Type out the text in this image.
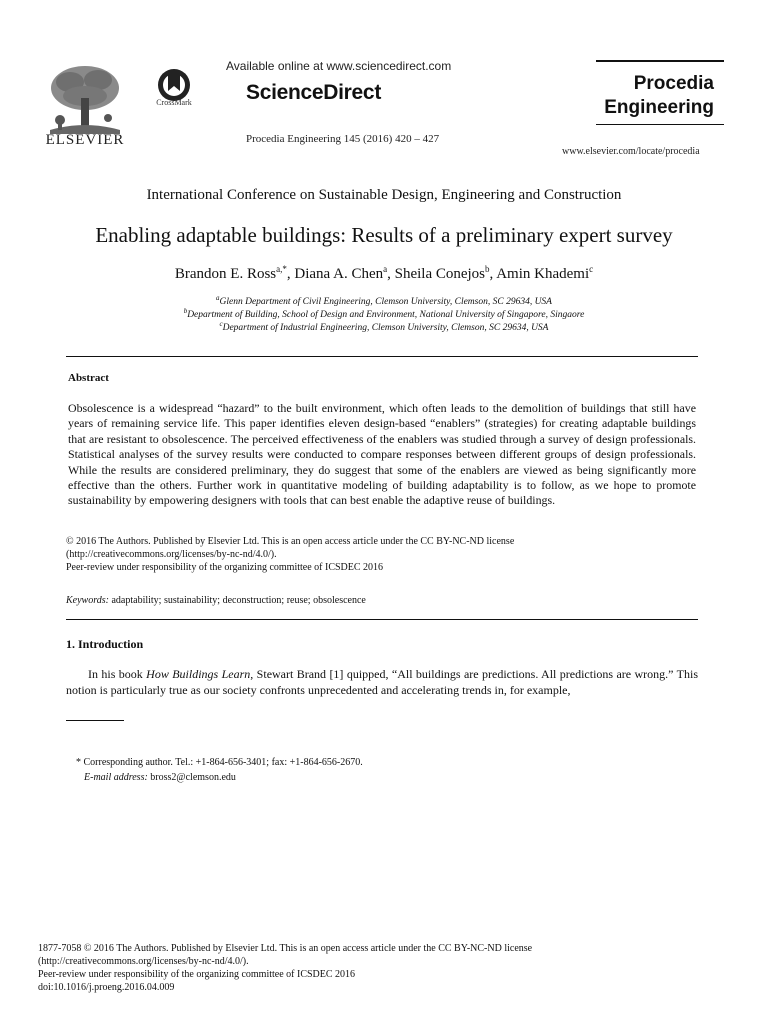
ELSEVIER
CrossMark
Available online at www.sciencedirect.com
ScienceDirect
Procedia Engineering 145 (2016) 420 – 427
Procedia
Engineering
www.elsevier.com/locate/procedia
International Conference on Sustainable Design, Engineering and Construction
Enabling adaptable buildings: Results of a preliminary expert survey
Brandon E. Ross$^{a,*}$, Diana A. Chen$^a$, Sheila Conejos$^b$, Amin Khademi$^c$
$^a$Glenn Department of Civil Engineering, Clemson University, Clemson, SC 29634, USA
$^b$Department of Building, School of Design and Environment, National University of Singapore, Singaore
$^c$Department of Industrial Engineering, Clemson University, Clemson, SC 29634, USA
Abstract
Obsolescence is a widespread “hazard” to the built environment, which often leads to the demolition of buildings that still have years of remaining service life. This paper identifies eleven design-based “enablers” (strategies) for creating adaptable buildings that are resistant to obsolescence. The perceived effectiveness of the enablers was studied through a survey of design professionals. Statistical analyses of the survey results were conducted to compare responses between different groups of design professionals. While the results are considered preliminary, they do suggest that some of the enablers are viewed as being significantly more effective than the others. Further work in quantitative modeling of building adaptability is to follow, as we hope to promote sustainability by empowering designers with tools that can best enable the adaptive reuse of buildings.
© 2016 The Authors. Published by Elsevier Ltd. This is an open access article under the CC BY-NC-ND license
(http://creativecommons.org/licenses/by-nc-nd/4.0/).
Peer-review under responsibility of the organizing committee of ICSDEC 2016
Keywords: adaptability; sustainability; deconstruction; reuse; obsolescence
1. Introduction
In his book How Buildings Learn, Stewart Brand [1] quipped, “All buildings are predictions. All predictions are wrong.” This notion is particularly true as our society confronts unprecedented and accelerating trends in, for example,
* Corresponding author. Tel.: +1-864-656-3401; fax: +1-864-656-2670.
E-mail address: bross2@clemson.edu
1877-7058 © 2016 The Authors. Published by Elsevier Ltd. This is an open access article under the CC BY-NC-ND license
(http://creativecommons.org/licenses/by-nc-nd/4.0/).
Peer-review under responsibility of the organizing committee of ICSDEC 2016
doi:10.1016/j.proeng.2016.04.009
